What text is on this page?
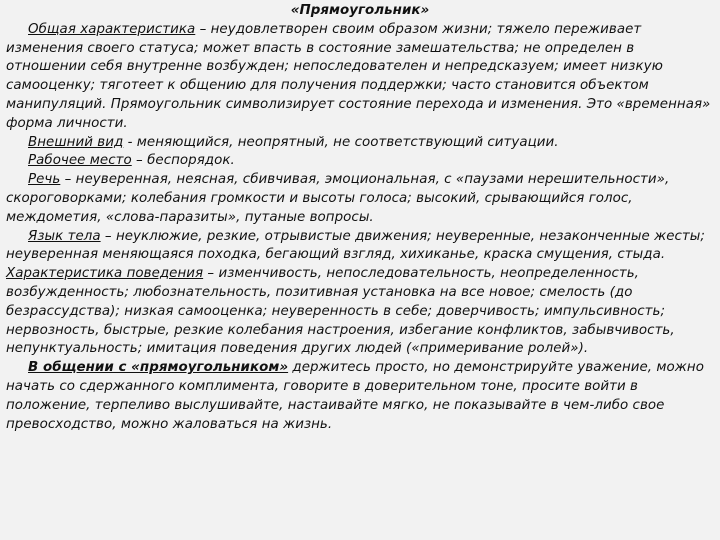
«Прямоугольник»

Общая характеристика – неудовлетворен своим образом жизни; тяжело переживает изменения своего статуса; может впасть в состояние замешательства; не определен в отношении себя внутренне возбужден; непоследователен и непредсказуем; имеет низкую самооценку; тяготеет к общению для получения поддержки; часто становится объектом манипуляций. Прямоугольник символизирует состояние перехода и изменения. Это «временная» форма личности.

Внешний вид - меняющийся, неопрятный, не соответствующий ситуации.

Рабочее место – беспорядок.

Речь – неуверенная, неясная, сбивчивая, эмоциональная, с «паузами нерешительности», скороговорками; колебания громкости и высоты голоса; высокий, срывающийся голос, междометия, «слова-паразиты», путаные вопросы.

Язык тела – неуклюжие, резкие, отрывистые движения; неуверенные, незаконченные жесты; неуверенная меняющаяся походка, бегающий взгляд, хихиканье, краска смущения, стыда.

Характеристика поведения – изменчивость, непоследовательность, неопределенность, возбужденность; любознательность, позитивная установка на все новое; смелость (до безрассудства); низкая самооценка; неуверенность в себе; доверчивость; импульсивность; нервозность, быстрые, резкие колебания настроения, избегание конфликтов, забывчивость, непунктуальность; имитация поведения других людей («примеривание ролей»).

В общении с «прямоугольником» держитесь просто, но демонстрируйте уважение, можно начать со сдержанного комплимента, говорите в доверительном тоне, просите войти в положение, терпеливо выслушивайте, настаивайте мягко, не показывайте в чем-либо свое превосходство, можно жаловаться на жизнь.
